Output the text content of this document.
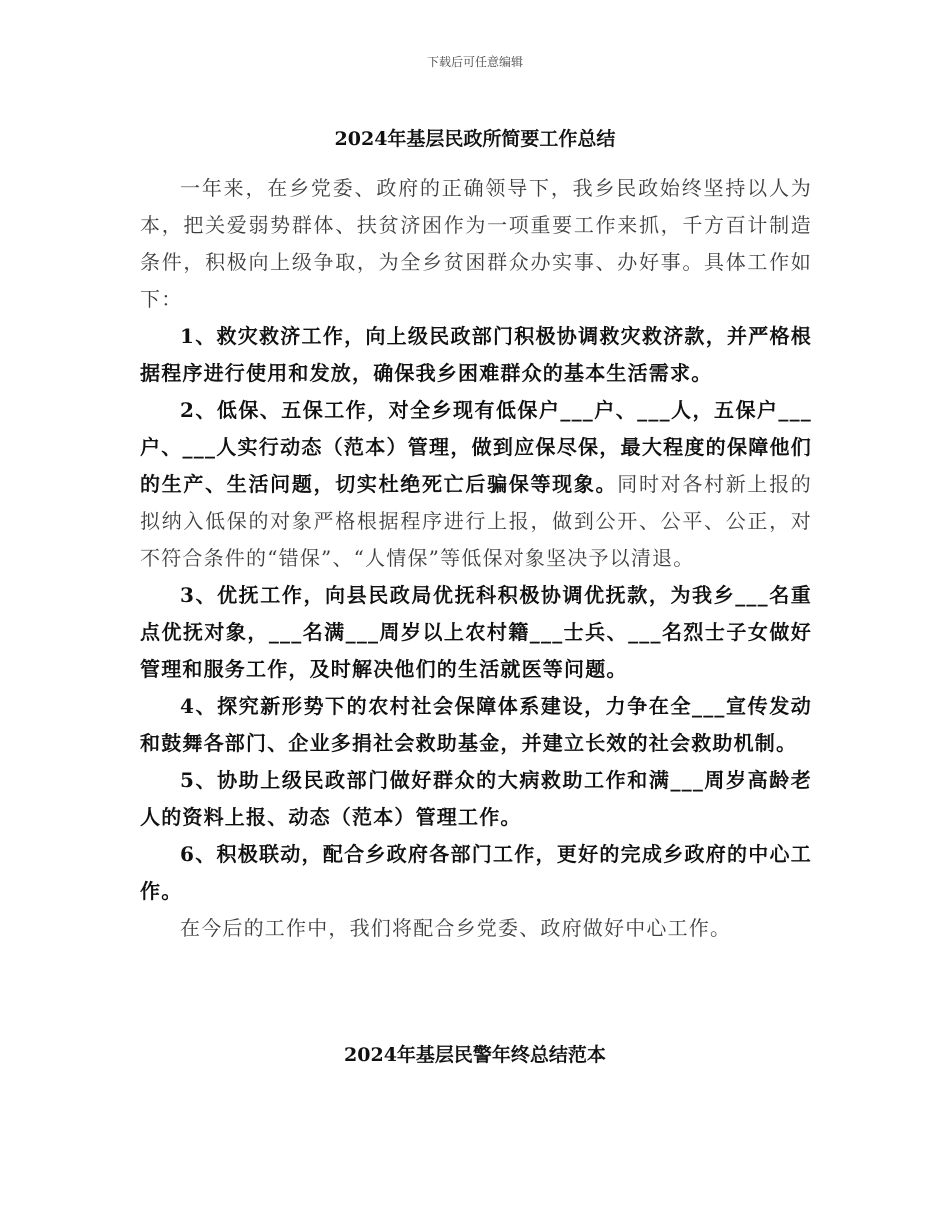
下载后可任意编辑
2024年基层民政所简要工作总结

一年来，在乡党委、政府的正确领导下，我乡民政始终坚持以人为本，把关爱弱势群体、扶贫济困作为一项重要工作来抓，千方百计制造条件，积极向上级争取，为全乡贫困群众办实事、办好事。具体工作如下：

1、救灾救济工作，向上级民政部门积极协调救灾救济款，并严格根据程序进行使用和发放，确保我乡困难群众的基本生活需求。

2、低保、五保工作，对全乡现有低保户___户、___人，五保户___户、___人实行动态（范本）管理，做到应保尽保，最大程度的保障他们的生产、生活问题，切实杜绝死亡后骗保等现象。同时对各村新上报的拟纳入低保的对象严格根据程序进行上报，做到公开、公平、公正，对不符合条件的“错保”、“人情保”等低保对象坚决予以清退。

3、优抚工作，向县民政局优抚科积极协调优抚款，为我乡___名重点优抚对象，___名满___周岁以上农村籍___士兵、___名烈士子女做好管理和服务工作，及时解决他们的生活就医等问题。

4、探究新形势下的农村社会保障体系建设，力争在全___宣传发动和鼓舞各部门、企业多捐社会救助基金，并建立长效的社会救助机制。

5、协助上级民政部门做好群众的大病救助工作和满___周岁高龄老人的资料上报、动态（范本）管理工作。

6、积极联动，配合乡政府各部门工作，更好的完成乡政府的中心工作。

在今后的工作中，我们将配合乡党委、政府做好中心工作。

2024年基层民警年终总结范本
